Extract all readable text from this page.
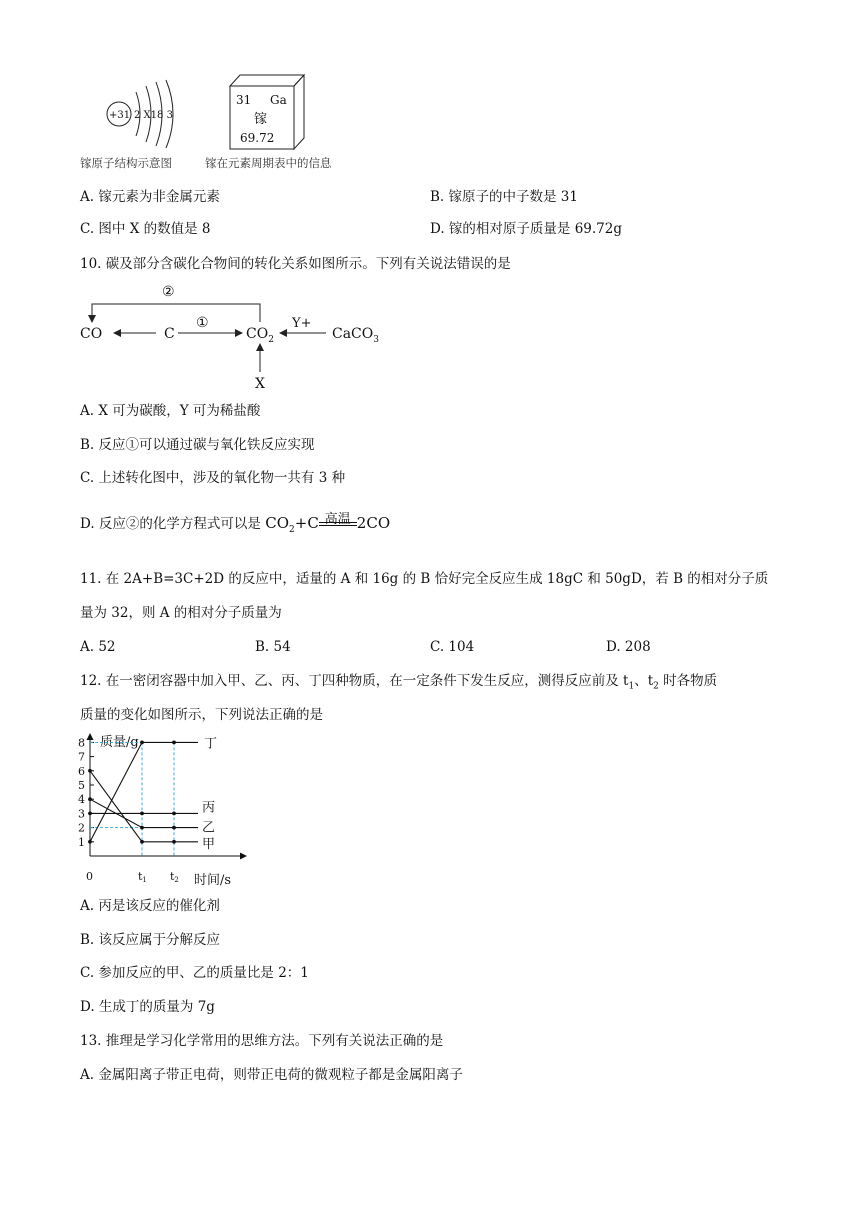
+31 2 X18 3
31 Ga
镓
69.72
镓原子结构示意图	镓在元素周期表中的信息
A. 镓元素为非金属元素	B. 镓原子的中子数是 31
C. 图中 X 的数值是 8	D. 镓的相对原子质量是 69.72g
10. 碳及部分含碳化合物间的转化关系如图所示。下列有关说法错误的是
②
CO	C	$CO_2$	CaCO$_3$
①	Y+
X
A. X 可为碳酸，Y 可为稀盐酸
B. 反应①可以通过碳与氧化铁反应实现
C. 上述转化图中，涉及的氧化物一共有 3 种
D. 反应②的化学方程式可以是 $CO_2+C$ 高温 2CO
11. 在 2A+B=3C+2D 的反应中，适量的 A 和 16g 的 B 恰好完全反应生成 18gC 和 50gD，若 B 的相对分子质
量为 32，则 A 的相对分子质量为
A. 52	B. 54	C. 104	D. 208
12. 在一密闭容器中加入甲、乙、丙、丁四种物质，在一定条件下发生反应，测得反应前及 $t_1$、$t_2$ 时各物质
质量的变化如图所示，下列说法正确的是
质量/g
时间/s
1
2
3
4
5
6
7
8
0	t1 t2
丁
丙
乙
甲
A. 丙是该反应的催化剂
B. 该反应属于分解反应
C. 参加反应的甲、乙的质量比是 2：1
D. 生成丁的质量为 7g
13. 推理是学习化学常用的思维方法。下列有关说法正确的是
A. 金属阳离子带正电荷，则带正电荷的微观粒子都是金属阳离子
